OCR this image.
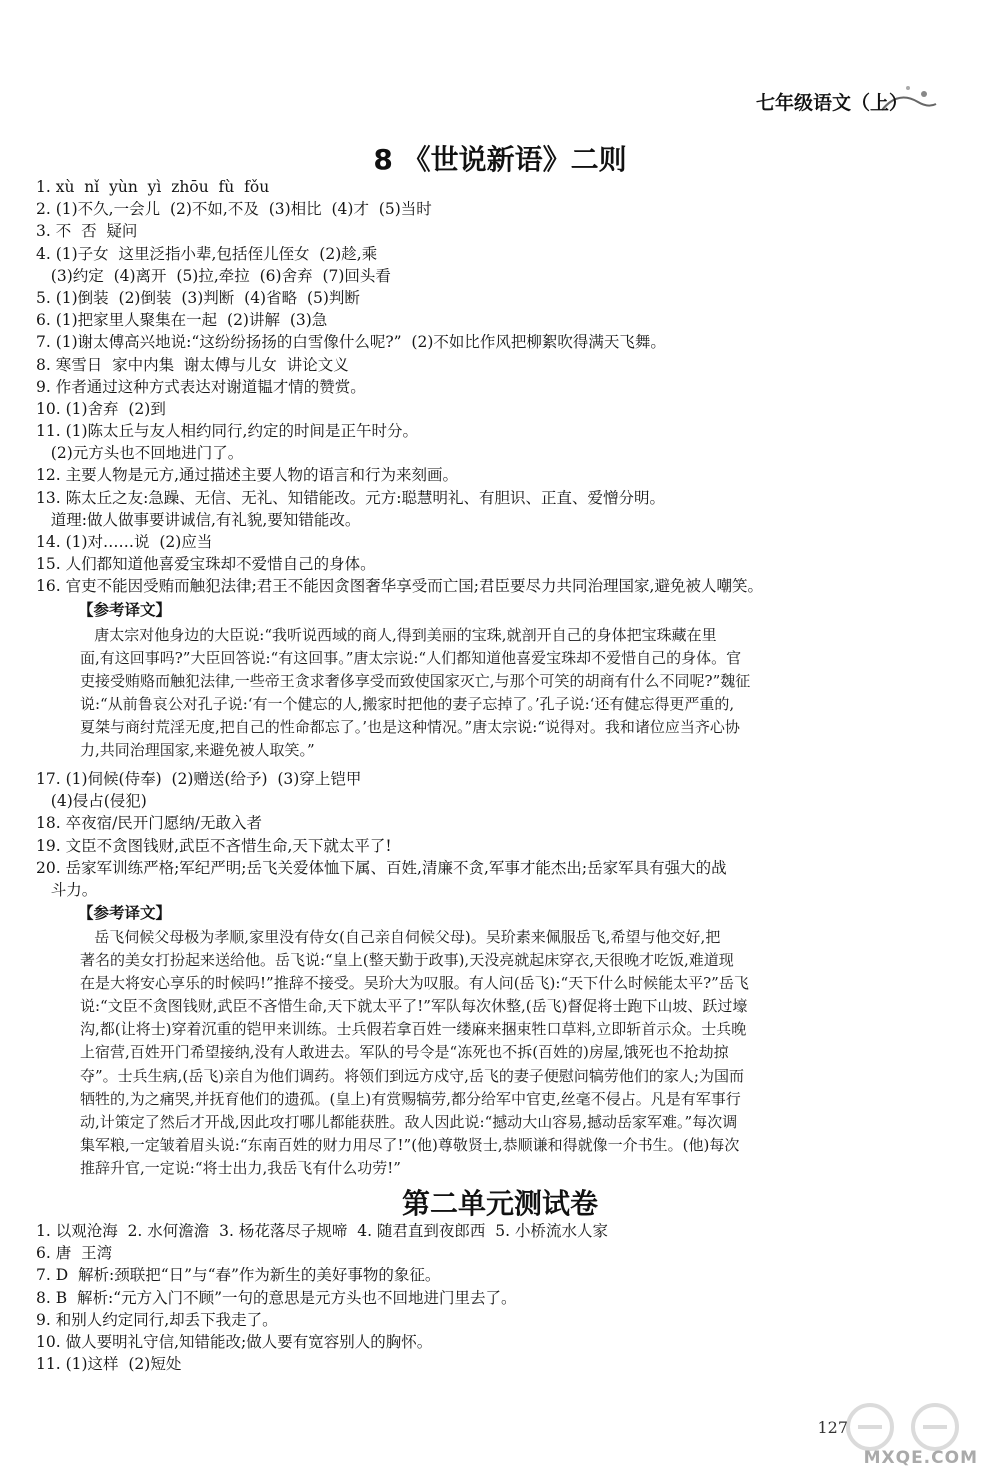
七年级语文（上）
8 《世说新语》二则
1. xù  nǐ  yùn  yì  zhōu  fù  fǒu
2. (1)不久,一会儿  (2)不如,不及  (3)相比  (4)才  (5)当时
3. 不  否  疑问
4. (1)子女  这里泛指小辈,包括侄儿侄女  (2)趁,乘
(3)约定  (4)离开  (5)拉,牵拉  (6)舍弃  (7)回头看
5. (1)倒装  (2)倒装  (3)判断  (4)省略  (5)判断
6. (1)把家里人聚集在一起  (2)讲解  (3)急
7. (1)谢太傅高兴地说:“这纷纷扬扬的白雪像什么呢?”  (2)不如比作风把柳絮吹得满天飞舞。
8. 寒雪日  家中内集  谢太傅与儿女  讲论文义
9. 作者通过这种方式表达对谢道韫才情的赞赏。
10. (1)舍弃  (2)到
11. (1)陈太丘与友人相约同行,约定的时间是正午时分。
(2)元方头也不回地进门了。
12. 主要人物是元方,通过描述主要人物的语言和行为来刻画。
13. 陈太丘之友:急躁、无信、无礼、知错能改。元方:聪慧明礼、有胆识、正直、爱憎分明。
道理:做人做事要讲诚信,有礼貌,要知错能改。
14. (1)对……说  (2)应当
15. 人们都知道他喜爱宝珠却不爱惜自己的身体。
16. 官吏不能因受贿而触犯法律;君王不能因贪图奢华享受而亡国;君臣要尽力共同治理国家,避免被人嘲笑。
【参考译文】
唐太宗对他身边的大臣说:“我听说西域的商人,得到美丽的宝珠,就剖开自己的身体把宝珠藏在里
面,有这回事吗?”大臣回答说:“有这回事。”唐太宗说:“人们都知道他喜爱宝珠却不爱惜自己的身体。官
吏接受贿赂而触犯法律,一些帝王贪求奢侈享受而致使国家灭亡,与那个可笑的胡商有什么不同呢?”魏征
说:“从前鲁哀公对孔子说:‘有一个健忘的人,搬家时把他的妻子忘掉了。’孔子说:‘还有健忘得更严重的,
夏桀与商纣荒淫无度,把自己的性命都忘了。’也是这种情况。”唐太宗说:“说得对。我和诸位应当齐心协
力,共同治理国家,来避免被人取笑。”
17. (1)伺候(侍奉)  (2)赠送(给予)  (3)穿上铠甲
(4)侵占(侵犯)
18. 卒夜宿/民开门愿纳/无敢入者
19. 文臣不贪图钱财,武臣不吝惜生命,天下就太平了!
20. 岳家军训练严格;军纪严明;岳飞关爱体恤下属、百姓,清廉不贪,军事才能杰出;岳家军具有强大的战
斗力。
【参考译文】
岳飞伺候父母极为孝顺,家里没有侍女(自己亲自伺候父母)。吴玠素来佩服岳飞,希望与他交好,把
著名的美女打扮起来送给他。岳飞说:“皇上(整天勤于政事),天没亮就起床穿衣,天很晚才吃饭,难道现
在是大将安心享乐的时候吗!”推辞不接受。吴玠大为叹服。有人问(岳飞):“天下什么时候能太平?”岳飞
说:“文臣不贪图钱财,武臣不吝惜生命,天下就太平了!”军队每次休整,(岳飞)督促将士跑下山坡、跃过壕
沟,都(让将士)穿着沉重的铠甲来训练。士兵假若拿百姓一缕麻来捆束牲口草料,立即斩首示众。士兵晚
上宿营,百姓开门希望接纳,没有人敢进去。军队的号令是“冻死也不拆(百姓的)房屋,饿死也不抢劫掠
夺”。士兵生病,(岳飞)亲自为他们调药。将领们到远方戍守,岳飞的妻子便慰问犒劳他们的家人;为国而
牺牲的,为之痛哭,并抚育他们的遗孤。(皇上)有赏赐犒劳,都分给军中官吏,丝毫不侵占。凡是有军事行
动,计策定了然后才开战,因此攻打哪儿都能获胜。敌人因此说:“撼动大山容易,撼动岳家军难。”每次调
集军粮,一定皱着眉头说:“东南百姓的财力用尽了!”(他)尊敬贤士,恭顺谦和得就像一介书生。(他)每次
推辞升官,一定说:“将士出力,我岳飞有什么功劳!”
第二单元测试卷
1. 以观沧海  2. 水何澹澹  3. 杨花落尽子规啼  4. 随君直到夜郎西  5. 小桥流水人家
6. 唐  王湾
7. D  解析:颈联把“日”与“春”作为新生的美好事物的象征。
8. B  解析:“元方入门不顾”一句的意思是元方头也不回地进门里去了。
9. 和别人约定同行,却丢下我走了。
10. 做人要明礼守信,知错能改;做人要有宽容别人的胸怀。
11. (1)这样  (2)短处
127
MXQE.COM
